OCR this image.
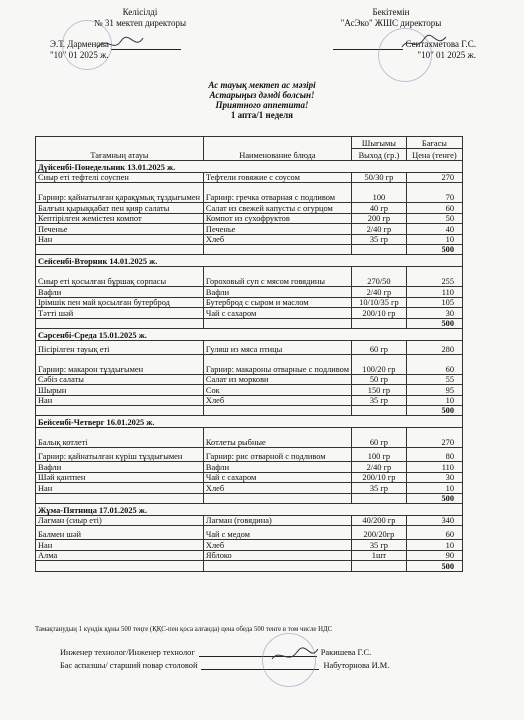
Келісілді
№ 31 мектеп директоры
Э.Т. Дарменова
"10" 01 2025 ж.
Бекітемін
"АсЭко" ЖШС директоры
Сеитахметова Г.С.
"10" 01 2025 ж.
Ас тауық мектеп ас мәзірі
Астарыңыз дәмді болсын!
Приятного аппетита!
1 апта/1 неделя
Тағамның атауы	Наименование блюда	Шығымы	Бағасы
		Выход (гр.)	Цена (тенге)
Дүйсенбі-Понедельник 13.01.2025 ж.			
Сиыр еті тефтелі соуспен	Тефтели говяжие с соусом	50/30 гр	270
Гарнир: қайнатылған қарақұмық тұздығымен	Гарнир: гречка отварная с подливом	100	70
Балғын қырыққабат пен қияр салаты	Салат из свежей капусты с огурцом	40 гр	60
Кептірілген жемістен компот	Компот из сухофруктов	200 гр	50
Печенье	Печенье	2/40 гр	40
Нан	Хлеб	35 гр	10
			500
Сейсенбі-Вторник 14.01.2025 ж.			
Сиыр еті қосылған бұршақ сорпасы	Гороховый суп с мясом говядины	270/50	255
Вафли	Вафли	2/40 гр	110
Ірімшік пен май қосылған бутерброд	Бутерброд с сыром и маслом	10/10/35 гр	105
Тәтті шәй	Чай с сахаром	200/10 гр	30
			500
Сәрсенбі-Среда 15.01.2025 ж.			
Пісірілген тауық еті	Гуляш из мяса птицы	60 гр	280
Гарнир: макарон тұздығымен	Гарнир: макароны отварные с подливом	100/20 гр	60
Сәбіз салаты	Салат из моркови	50 гр	55
Шырын	Сок	150 гр	95
Нан	Хлеб	35 гр	10
			500
Бейсенбі-Четверг 16.01.2025 ж.			
Балық котлеті	Котлеты рыбные	60 гр	270
Гарнир: қайнатылған күріш тұздығымен	Гарнир: рис отварной с подливом	100 гр	80
Вафли	Вафли	2/40 гр	110
Шәй қантпен	Чай с сахаром	200/10 гр	30
Нан	Хлеб	35 гр	10
			500
Жұма-Пятница 17.01.2025 ж.			
Лағман (сиыр еті)	Лагман (говядина)	40/200 гр	340
Балмен шәй	Чай с медом	200/20гр	60
Нан	Хлеб	35 гр	10
Алма	Яблоко	1шт	90
			500
Тамақтанудың 1 күндік құны 500 теңге (ҚҚС-пен қоса алғанда) цена обеда 500 тенге в том числе НДС
Инженер технолог/Инженер технолог	Ракишева Г.С.
Бас аспазшы/ старший повар столовой	Набуторнова И.М.
